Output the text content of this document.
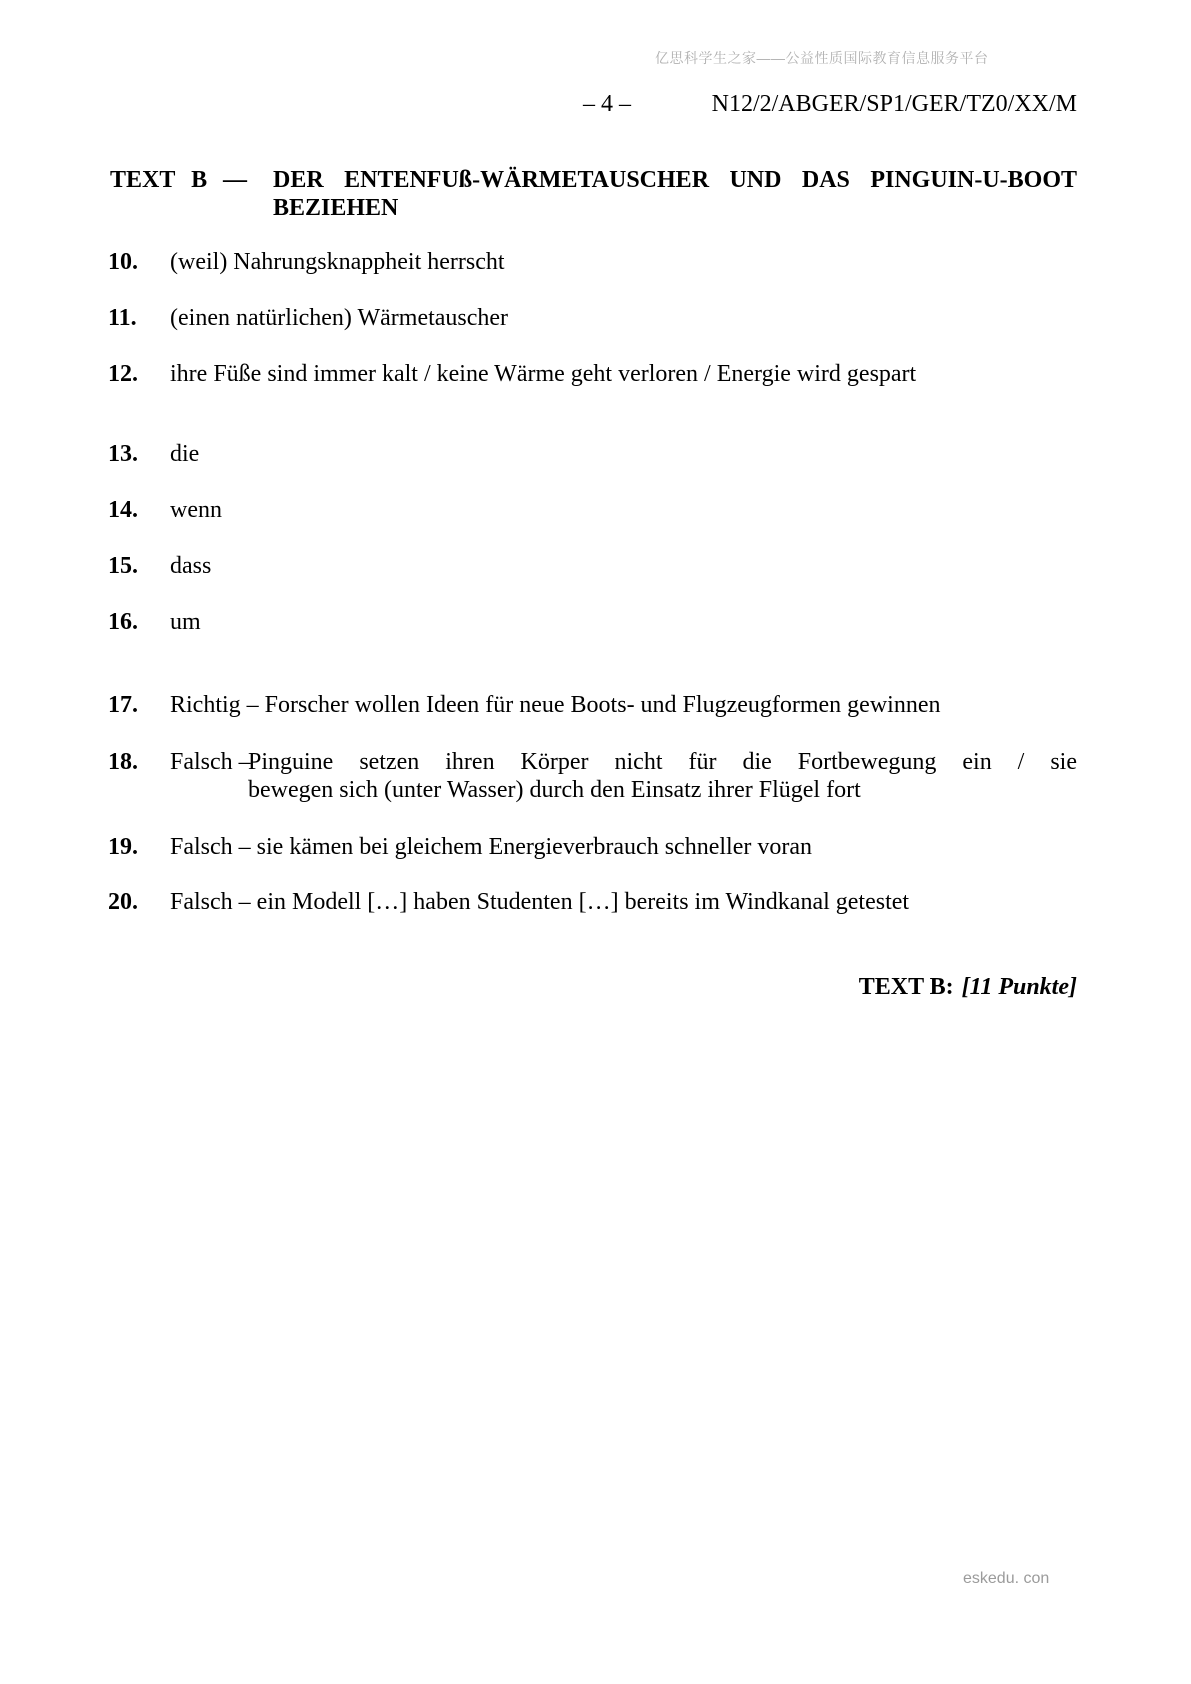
亿思科学生之家——公益性质国际教育信息服务平台
– 4 –	N12/2/ABGER/SP1/GER/TZ0/XX/M
TEXT B — DER ENTENFUß-WÄRMETAUSCHER UND DAS PINGUIN-U-BOOT
BEZIEHEN
10.	(weil) Nahrungsknappheit herrscht
11.	(einen natürlichen) Wärmetauscher
12.	ihre Füße sind immer kalt / keine Wärme geht verloren / Energie wird gespart
13.	die
14.	wenn
15.	dass
16.	um
17.	Richtig – Forscher wollen Ideen für neue Boots- und Flugzeugformen gewinnen
18.	Falsch –
Pinguine setzen ihren Körper nicht für die Fortbewegung ein / sie
bewegen sich (unter Wasser) durch den Einsatz ihrer Flügel fort
19.	Falsch – sie kämen bei gleichem Energieverbrauch schneller voran
20.	Falsch – ein Modell […] haben Studenten […] bereits im Windkanal getestet
TEXT B: [11 Punkte]
eskedu. con
